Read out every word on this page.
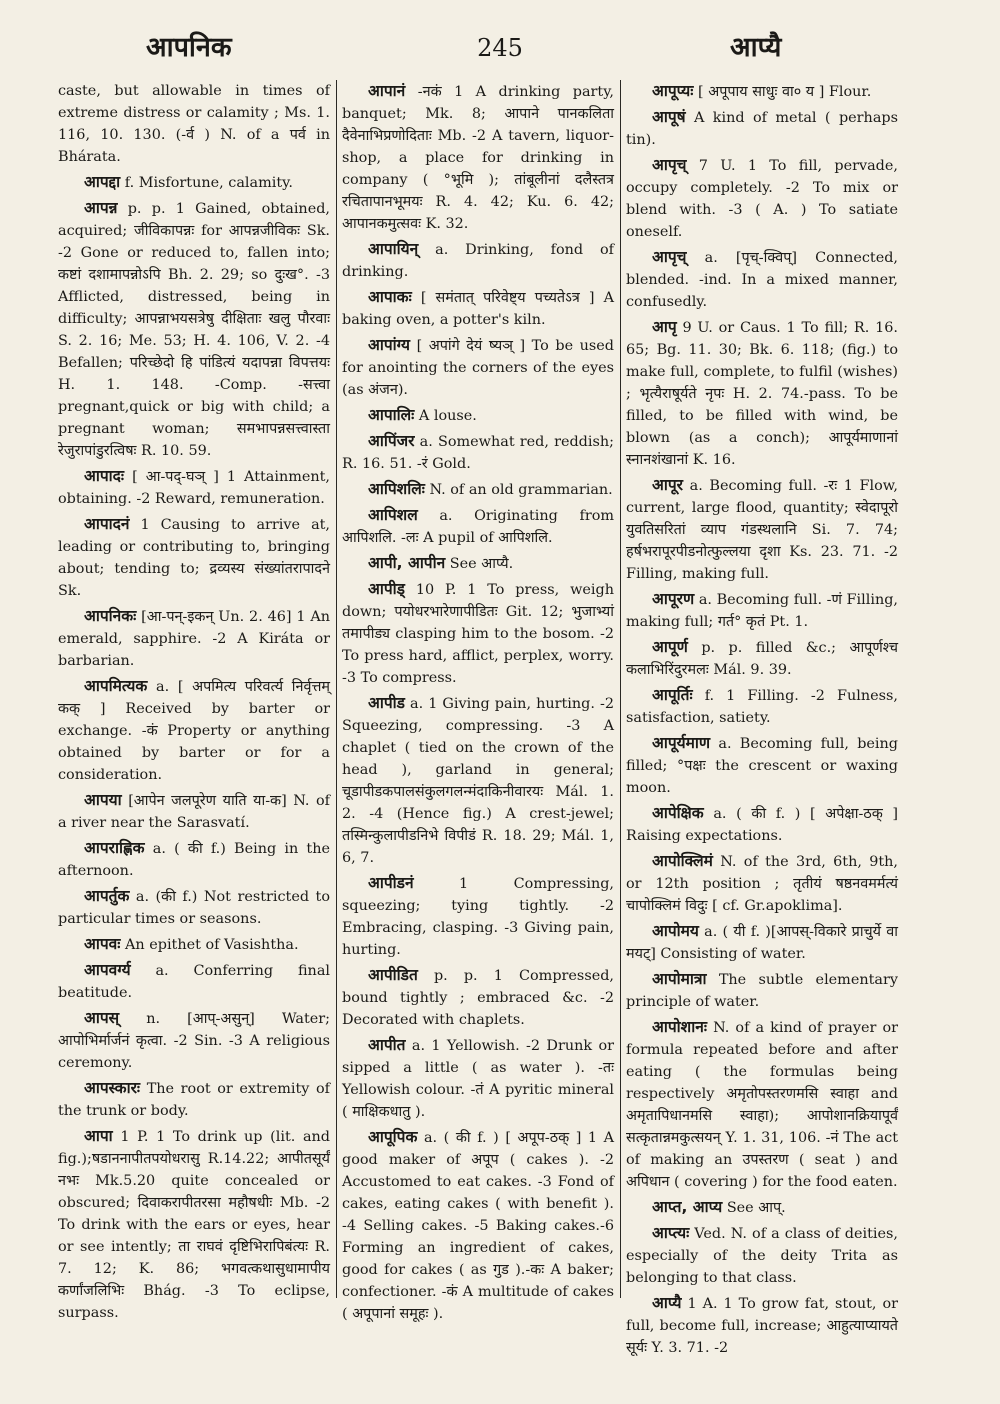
आपनिक	245	आप्यै

caste, but allowable in times of extreme distress or calamity ; Ms. 1. 116, 10. 130. (-र्व ) N. of a पर्व in Bhárata.

आपद्दा f. Misfortune, calamity.

आपन्न p. p. 1 Gained, obtained, acquired; जीविकापन्नः for आपन्नजीविकः Sk. -2 Gone or reduced to, fallen into; कष्टां दशामापन्नोऽपि Bh. 2. 29; so दुःख°. -3 Afflicted, distressed, being in difficulty; आपन्नाभयसत्रेषु दीक्षिताः खलु पौरवाः S. 2. 16; Me. 53; H. 4. 106, V. 2. -4 Befallen; परिच्छेदो हि पांडित्यं यदापन्ना विपत्तयः H. 1. 148. -Comp. -सत्त्वा pregnant,quick or big with child; a pregnant woman; समभापन्नसत्त्वास्ता रेजुरापांडुरत्विषः R. 10. 59.

आपादः [ आ-पद्-घञ् ] 1 Attainment, obtaining. -2 Reward, remuneration.

आपादनं 1 Causing to arrive at, leading or contributing to, bringing about; tending to; द्रव्यस्य संख्यांतरापादने Sk.

आपनिकः [आ-पन्-इकन् Un. 2. 46] 1 An emerald, sapphire. -2 A Kiráta or barbarian.

आपमित्यक a. [ अपमित्य परिवर्त्य निर्वृत्तम् कक् ] Received by barter or exchange. -कं Property or anything obtained by barter or for a consideration.

आपया [आपेन जलपूरेण याति या-क] N. of a river near the Sarasvatí.

आपराह्णिक a. ( की f.) Being in the afternoon.

आपर्तुक a. (की f.) Not restricted to particular times or seasons.

आपवः An epithet of Vasishtha.

आपवर्ग्य a. Conferring final beatitude.

आपस् n. [आप्-असुन्] Water; आपोभिर्मार्जनं कृत्वा. -2 Sin. -3 A religious ceremony.

आपस्कारः The root or extremity of the trunk or body.

आपा 1 P. 1 To drink up (lit. and fig.);षडाननापीतपयोधरासु R.14.22; आपीतसूर्यं नभः Mk.5.20 quite concealed or obscured; दिवाकरापीतरसा महौषधीः Mb. -2 To drink with the ears or eyes, hear or see intently; ता राघवं दृष्टिभिरापिबंत्यः R. 7. 12; K. 86; भगवत्कथासुधामापीय कर्णांजलिभिः Bhág. -3 To eclipse, surpass.

आपानं -नकं 1 A drinking party, banquet; Mk. 8; आपाने पानकलिता दैवेनाभिप्रणोदिताः Mb. -2 A tavern, liquor-shop, a place for drinking in company ( °भूमि ); तांबूलीनां दलैस्तत्र रचितापानभूमयः R. 4. 42; Ku. 6. 42; आपानकमुत्सवः K. 32.

आपायिन् a. Drinking, fond of drinking.

आपाकः [ समंतात् परिवेष्ट्य पच्यतेऽत्र ] A baking oven, a potter's kiln.

आपांग्य [ अपांगे देयं ष्यञ् ] To be used for anointing the corners of the eyes (as अंजन).

आपालिः A louse.

आपिंजर a. Somewhat red, reddish; R. 16. 51. -रं Gold.

आपिशलिः N. of an old grammarian.

आपिशल a. Originating from आपिशलि. -लः A pupil of आपिशलि.

आपी, आपीन See आप्यै.

आपीड् 10 P. 1 To press, weigh down; पयोधरभारेणापीडितः Git. 12; भुजाभ्यां तमापीड्य clasping him to the bosom. -2 To press hard, afflict, perplex, worry. -3 To compress.

आपीड a. 1 Giving pain, hurting. -2 Squeezing, compressing. -3 A chaplet ( tied on the crown of the head ), garland in general; चूडापीडकपालसंकुलगलन्मंदाकिनीवारयः Mál. 1. 2. -4 (Hence fig.) A crest-jewel; तस्मिन्कुलापीडनिभे विपीडं R. 18. 29; Mál. 1, 6, 7.

आपीडनं	1 Compressing, squeezing; tying tightly. -2 Embracing, clasping. -3 Giving pain, hurting.

आपीडित p. p. 1 Compressed, bound tightly ; embraced &c. -2 Decorated with chaplets.

आपीत a. 1 Yellowish. -2 Drunk or sipped a little ( as water ). -तः Yellowish colour. -तं A pyritic mineral ( माक्षिकधातु ).

आपूपिक a. ( की f. ) [ अपूप-ठक् ] 1 A good maker of अपूप ( cakes ). -2 Accustomed to eat cakes. -3 Fond of cakes, eating cakes ( with benefit ). -4 Selling cakes. -5 Baking cakes.-6 Forming an ingredient of cakes, good for cakes ( as गुड ).-कः A baker; confectioner. -कं A multitude of cakes ( अपूपानां समूहः ).

आपूप्यः [ अपूपाय साधुः वा० य ] Flour.

आपूषं A kind of metal ( perhaps tin).

आपृच् 7 U. 1 To fill, pervade, occupy completely. -2 To mix or blend with. -3 ( A. ) To satiate oneself.

आपृच् a. [पृच्-क्विप्] Connected, blended. -ind. In a mixed manner, confusedly.

आपृ 9 U. or Caus. 1 To fill; R. 16. 65; Bg. 11. 30; Bk. 6. 118; (fig.) to make full, complete, to fulfil (wishes) ; भृत्यैराषूर्यते नृपः H. 2. 74.-pass. To be filled, to be filled with wind, be blown (as a conch); आपूर्यमाणानां स्नानशंखानां K. 16.

आपूर a. Becoming full. -रः 1 Flow, current, large flood, quantity; स्वेदापूरो युवतिसरितां व्याप गंडस्थलानि Si. 7. 74; हर्षभरापूरपीडनोत्फुल्लया दृशा Ks. 23. 71. -2 Filling, making full.

आपूरण a. Becoming full. -णं Filling, making full; गर्त° कृतं Pt. 1.

आपूर्ण p. p. filled &c.; आपूर्णश्च कलाभिरिंदुरमलः Mál. 9. 39.

आपूर्तिः f. 1 Filling. -2 Fulness, satisfaction, satiety.

आपूर्यमाण a. Becoming full, being filled; °पक्षः the crescent or waxing moon.

आपेक्षिक a. ( की f. ) [ अपेक्षा-ठक् ] Raising expectations.

आपोक्लिमं N. of the 3rd, 6th, 9th, or 12th position ; तृतीयं षष्ठनवमर्मत्यं चापोक्लिमं विदुः [ cf. Gr.apoklima].

आपोमय a. ( यी f. )[आपस्-विकारे प्राचुर्ये वा मयट्] Consisting of water.

आपोमात्रा The subtle elementary principle of water.

आपोशानः N. of a kind of prayer or formula repeated before and after eating ( the formulas being respectively अमृतोपस्तरणमसि स्वाहा and अमृतापिधानमसि स्वाहा); आपोशानक्रियापूर्वं सत्कृतान्नमकुत्सयन् Y. 1. 31, 106. -नं The act of making an उपस्तरण ( seat ) and अपिधान ( covering ) for the food eaten.

आप्त, आप्य See आप्.

आप्त्यः Ved. N. of a class of deities, especially of the deity Trita as belonging to that class.

आप्यै 1 A. 1 To grow fat, stout, or full, become full, increase; आहुत्याप्यायते सूर्यः Y. 3. 71. -2
